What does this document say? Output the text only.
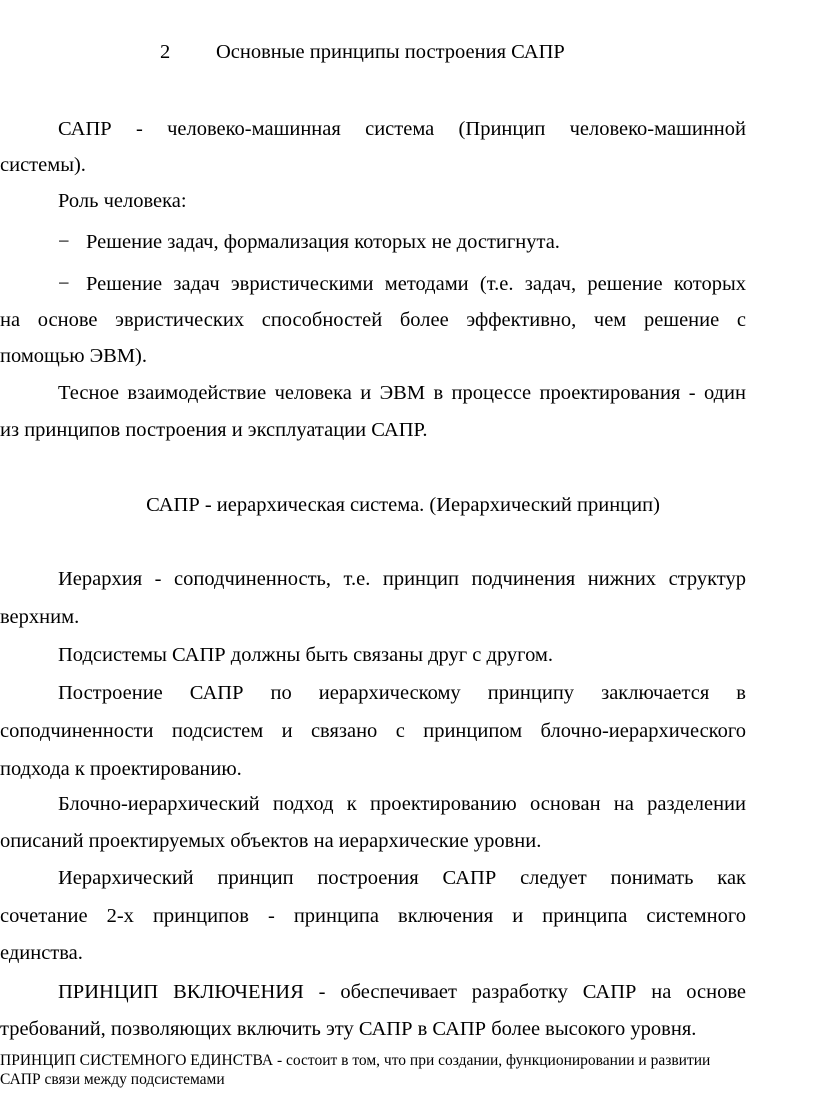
2 Основные принципы построения САПР
САПР - человеко-машинная система (Принцип человеко-машинной
системы).
Роль человека:
− Решение задач, формализация которых не достигнута.
− Решение задач эвристическими методами (т.е. задач, решение которых
на основе эвристических способностей более эффективно, чем решение с
помощью ЭВМ).
Тесное взаимодействие человека и ЭВМ в процессе проектирования - один
из принципов построения и эксплуатации САПР.
САПР - иерархическая система. (Иерархический принцип)
Иерархия - соподчиненность, т.е. принцип подчинения нижних структур
верхним.
Подсистемы САПР должны быть связаны друг с другом.
Построение САПР по иерархическому принципу заключается в
соподчиненности подсистем и связано с принципом блочно-иерархического
подхода к проектированию.
Блочно-иерархический подход к проектированию основан на разделении
описаний проектируемых объектов на иерархические уровни.
Иерархический принцип построения САПР следует понимать как
сочетание 2-х принципов - принципа включения и принципа системного
единства.
ПРИНЦИП ВКЛЮЧЕНИЯ - обеспечивает разработку САПР на основе
требований, позволяющих включить эту САПР в САПР более высокого уровня.
ПРИНЦИП СИСТЕМНОГО ЕДИНСТВА - состоит в том, что при создании, функционировании и развитии
САПР связи между подсистемами
